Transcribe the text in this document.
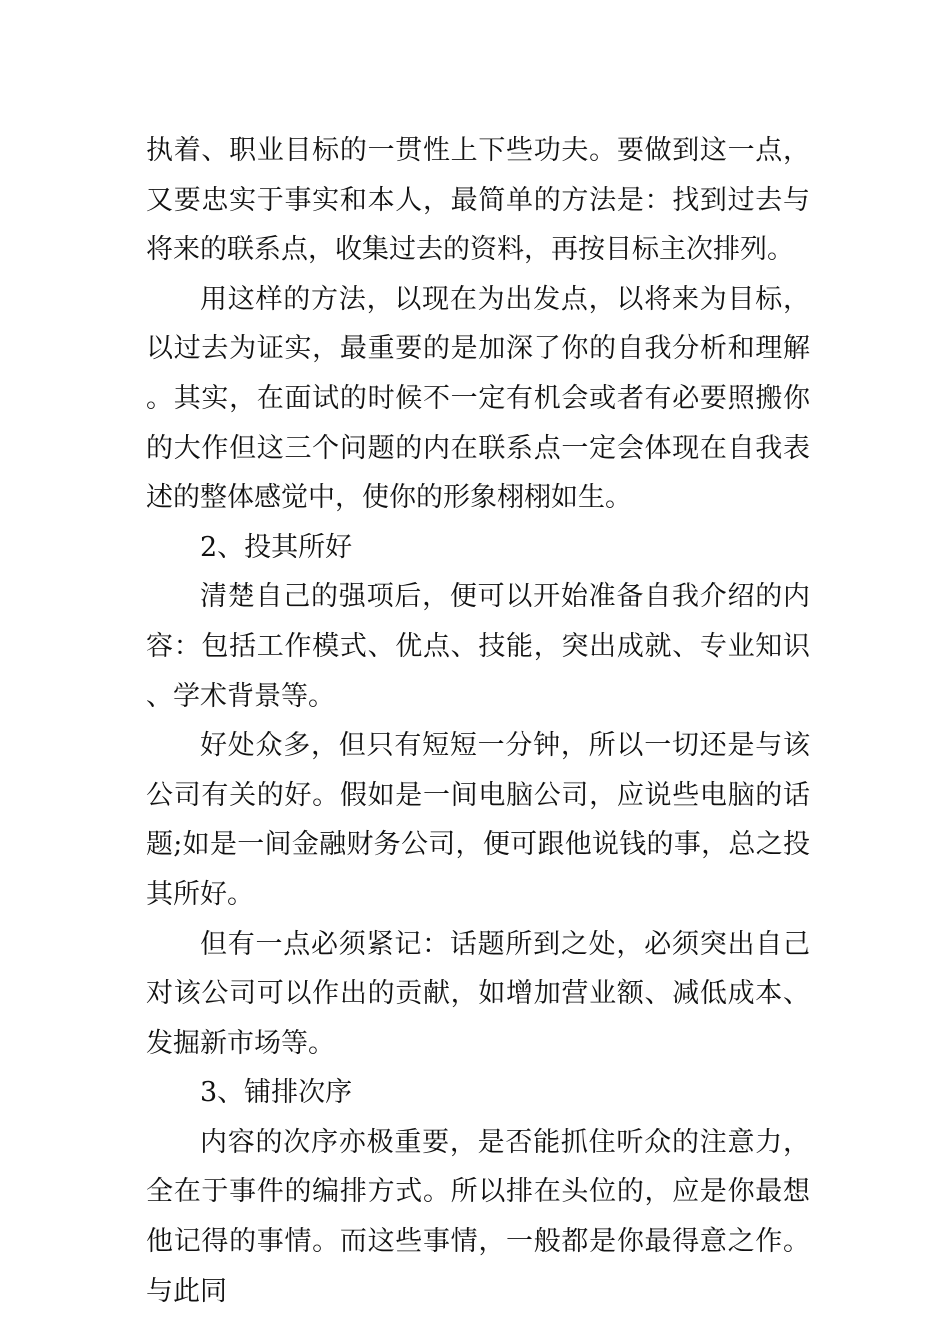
执着、职业目标的一贯性上下些功夫。要做到这一点，又要忠实于事实和本人，最简单的方法是：找到过去与将来的联系点，收集过去的资料，再按目标主次排列。

用这样的方法，以现在为出发点，以将来为目标，以过去为证实，最重要的是加深了你的自我分析和理解。其实，在面试的时候不一定有机会或者有必要照搬你的大作但这三个问题的内在联系点一定会体现在自我表述的整体感觉中，使你的形象栩栩如生。

2、投其所好

清楚自己的强项后，便可以开始准备自我介绍的内容：包括工作模式、优点、技能，突出成就、专业知识、学术背景等。

好处众多，但只有短短一分钟，所以一切还是与该公司有关的好。假如是一间电脑公司，应说些电脑的话题;如是一间金融财务公司，便可跟他说钱的事，总之投其所好。

但有一点必须紧记：话题所到之处，必须突出自己对该公司可以作出的贡献，如增加营业额、减低成本、发掘新市场等。

3、铺排次序

内容的次序亦极重要，是否能抓住听众的注意力，全在于事件的编排方式。所以排在头位的，应是你最想他记得的事情。而这些事情，一般都是你最得意之作。与此同
